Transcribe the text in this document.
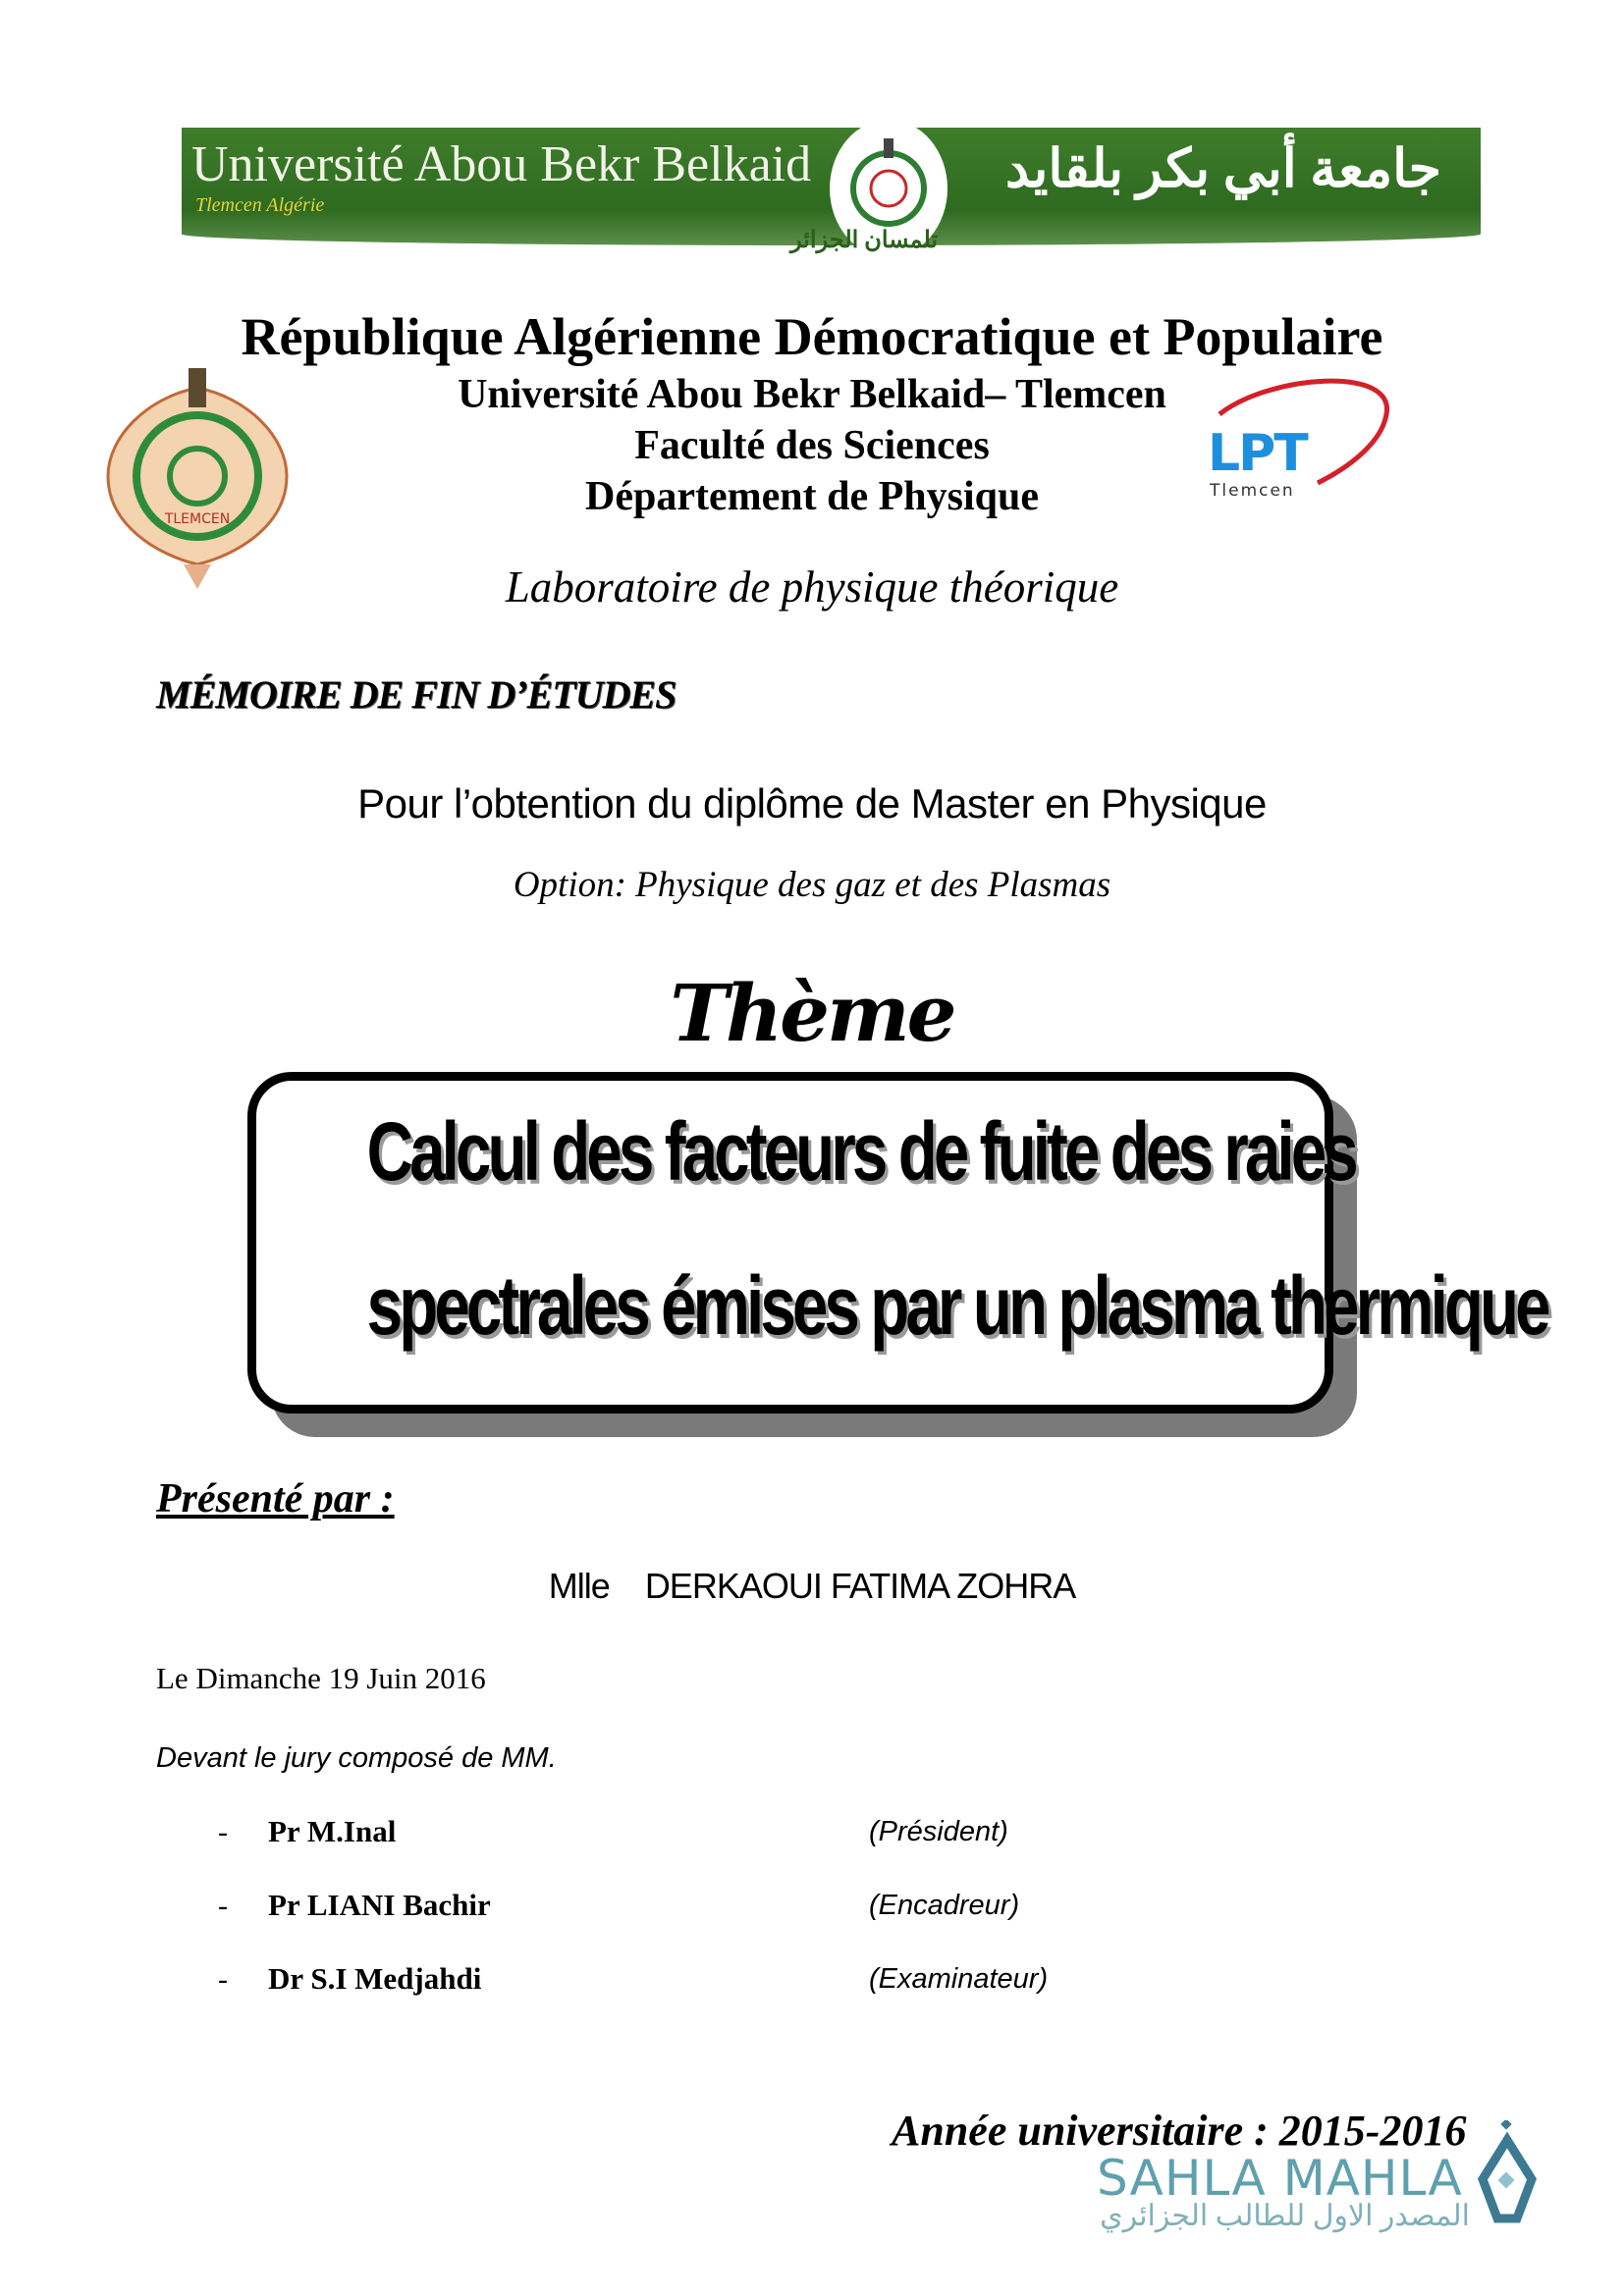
Université Abou Bekr Belkaid
Tlemcen Algérie
جامعة أبي بكر بلقايد
تلمسان الجزائر
République Algérienne Démocratique et Populaire
TLEMCEN
Université Abou Bekr Belkaid– Tlemcen
Faculté des Sciences
Département de Physique
LPT
Tlemcen
Laboratoire de physique théorique
MÉMOIRE DE FIN D’ÉTUDES
Pour l’obtention du diplôme de Master en Physique
Option: Physique des gaz et des Plasmas
Thème
Calcul des facteurs de fuite des raies
spectrales émises par un plasma thermique
Présenté par :
Mlle DERKAOUI FATIMA ZOHRA
Le Dimanche 19 Juin 2016
Devant le jury composé de MM.
- Pr M.Inal	(Président)
- Pr LIANI Bachir	(Encadreur)
- Dr S.I Medjahdi	(Examinateur)
Année universitaire : 2015-2016
SAHLA MAHLA
المصدر الاول للطالب الجزائري
